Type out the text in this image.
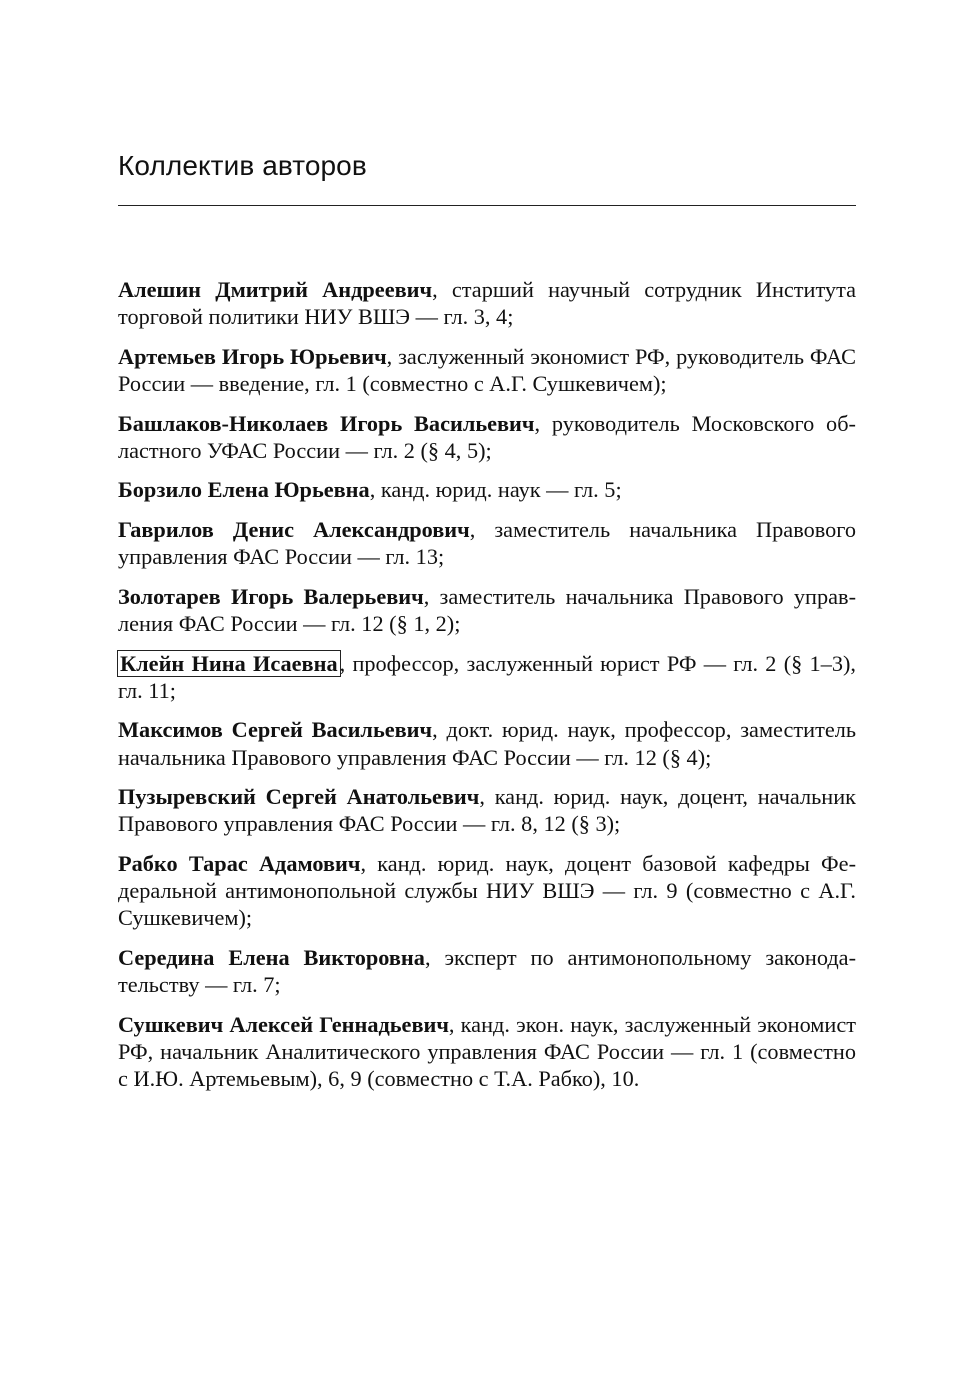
Коллектив авторов
Алешин Дмитрий Андреевич, старший научный сотрудник Института торговой политики НИУ ВШЭ — гл. 3, 4;
Артемьев Игорь Юрьевич, заслуженный экономист РФ, руководитель ФАС России — введение, гл. 1 (совместно с А.Г. Сушкевичем);
Башлаков-Николаев Игорь Васильевич, руководитель Московского областного УФАС России — гл. 2 (§ 4, 5);
Борзило Елена Юрьевна, канд. юрид. наук — гл. 5;
Гаврилов Денис Александрович, заместитель начальника Правового управления ФАС России — гл. 13;
Золотарев Игорь Валерьевич, заместитель начальника Правового управления ФАС России — гл. 12 (§ 1, 2);
Клейн Нина Исаевна, профессор, заслуженный юрист РФ — гл. 2 (§ 1–3), гл. 11;
Максимов Сергей Васильевич, докт. юрид. наук, профессор, заместитель начальника Правового управления ФАС России — гл. 12 (§ 4);
Пузыревский Сергей Анатольевич, канд. юрид. наук, доцент, начальник Правового управления ФАС России — гл. 8, 12 (§ 3);
Рабко Тарас Адамович, канд. юрид. наук, доцент базовой кафедры Федеральной антимонопольной службы НИУ ВШЭ — гл. 9 (совместно с А.Г. Сушкевичем);
Середина Елена Викторовна, эксперт по антимонопольному законодательству — гл. 7;
Сушкевич Алексей Геннадьевич, канд. экон. наук, заслуженный экономист РФ, начальник Аналитического управления ФАС России — гл. 1 (совместно с И.Ю. Артемьевым), 6, 9 (совместно с Т.А. Рабко), 10.
